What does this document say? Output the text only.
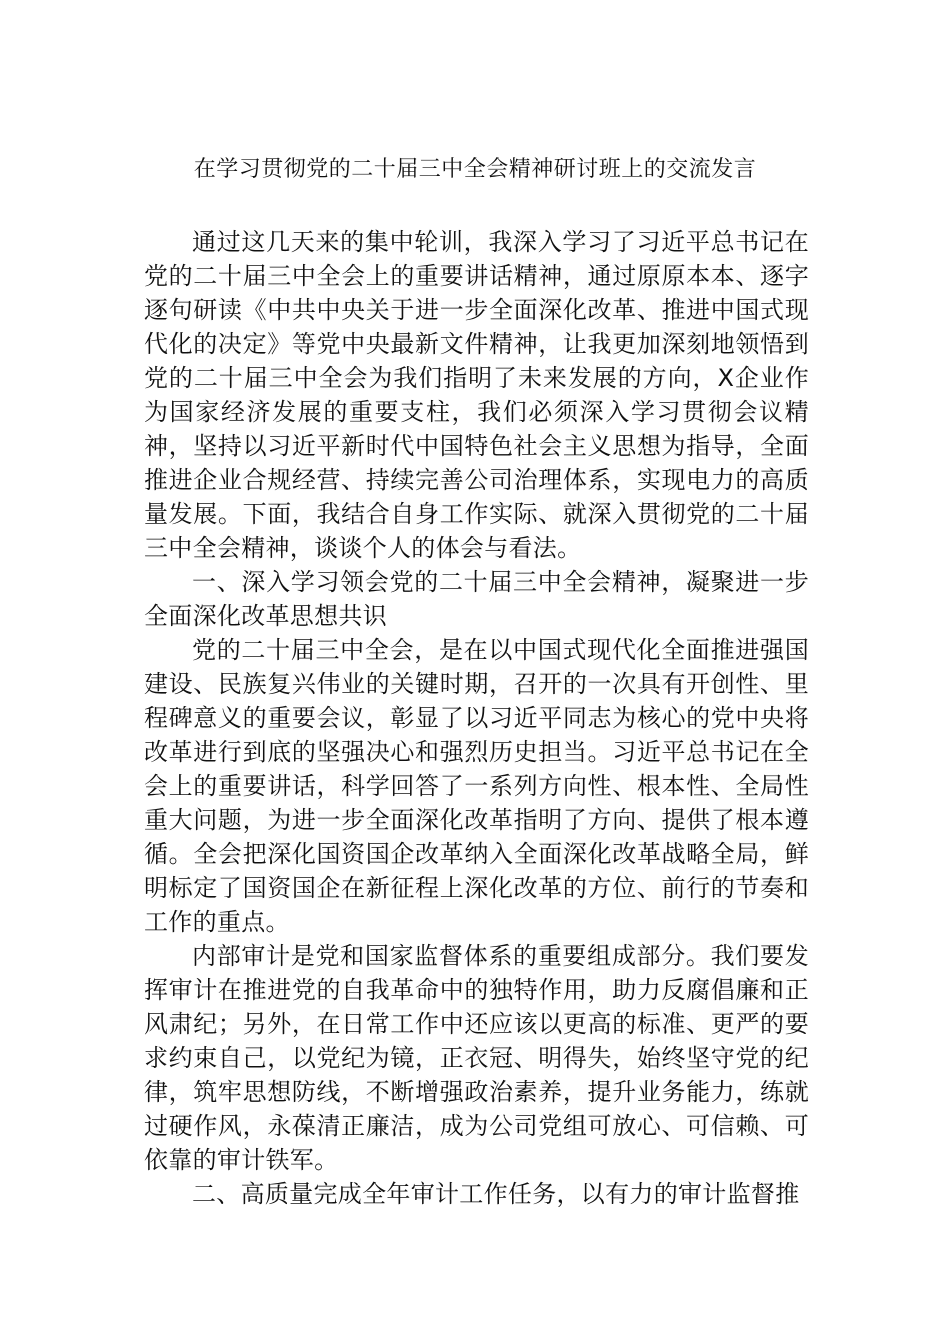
在学习贯彻党的二十届三中全会精神研讨班上的交流发言

通过这几天来的集中轮训，我深入学习了习近平总书记在党的二十届三中全会上的重要讲话精神，通过原原本本、逐字逐句研读《中共中央关于进一步全面深化改革、推进中国式现代化的决定》等党中央最新文件精神，让我更加深刻地领悟到党的二十届三中全会为我们指明了未来发展的方向，X企业作为国家经济发展的重要支柱，我们必须深入学习贯彻会议精神，坚持以习近平新时代中国特色社会主义思想为指导，全面推进企业合规经营、持续完善公司治理体系，实现电力的高质量发展。下面，我结合自身工作实际、就深入贯彻党的二十届三中全会精神，谈谈个人的体会与看法。

一、深入学习领会党的二十届三中全会精神，凝聚进一步全面深化改革思想共识

党的二十届三中全会，是在以中国式现代化全面推进强国建设、民族复兴伟业的关键时期，召开的一次具有开创性、里程碑意义的重要会议，彰显了以习近平同志为核心的党中央将改革进行到底的坚强决心和强烈历史担当。习近平总书记在全会上的重要讲话，科学回答了一系列方向性、根本性、全局性重大问题，为进一步全面深化改革指明了方向、提供了根本遵循。全会把深化国资国企改革纳入全面深化改革战略全局，鲜明标定了国资国企在新征程上深化改革的方位、前行的节奏和工作的重点。

内部审计是党和国家监督体系的重要组成部分。我们要发挥审计在推进党的自我革命中的独特作用，助力反腐倡廉和正风肃纪；另外，在日常工作中还应该以更高的标准、更严的要求约束自己，以党纪为镜，正衣冠、明得失，始终坚守党的纪律，筑牢思想防线，不断增强政治素养，提升业务能力，练就过硬作风，永葆清正廉洁，成为公司党组可放心、可信赖、可依靠的审计铁军。

二、高质量完成全年审计工作任务，以有力的审计监督推
